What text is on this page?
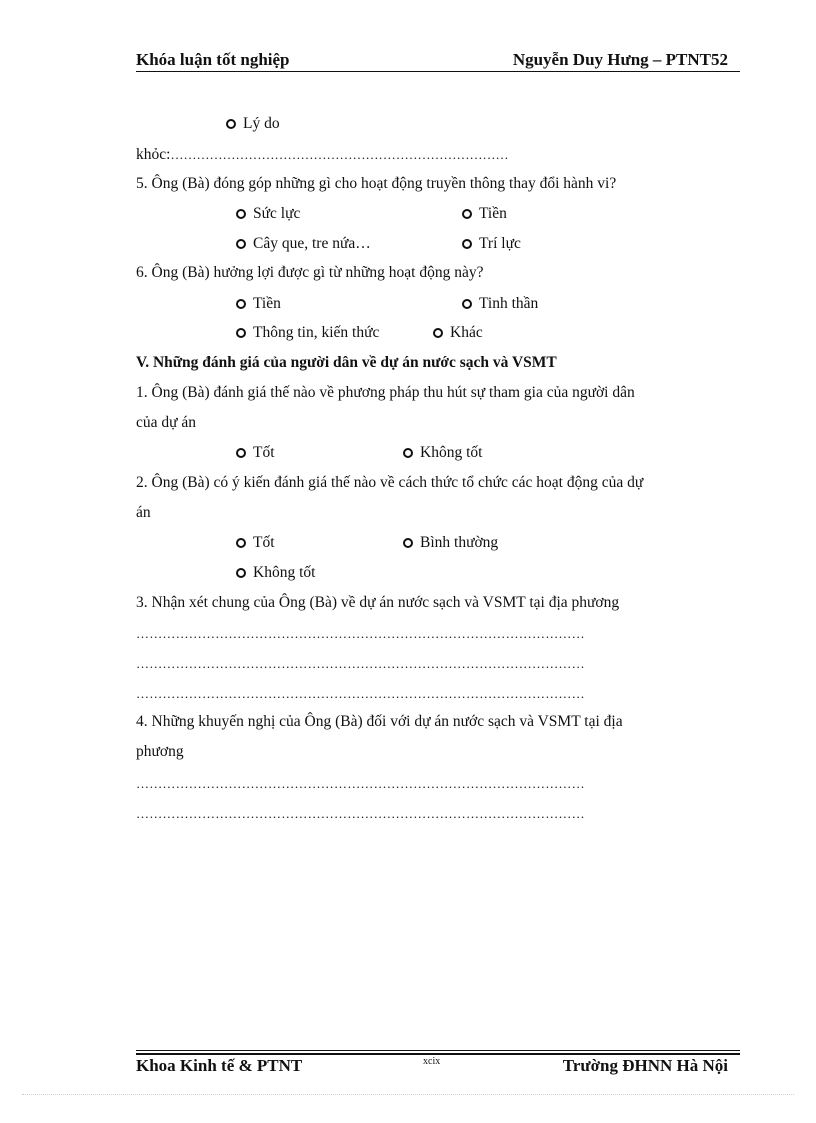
Khóa luận tốt nghiệp	Nguyễn Duy Hưng – PTNT52
Lý do
khỏc:……………………………………………………………………
5. Ông (Bà) đóng góp những gì cho hoạt động truyền thông thay đổi hành vi?
Sức lực	Tiền
Cây que, tre nứa…	Trí lực
6. Ông (Bà) hưởng lợi được gì từ những hoạt động này?
Tiền	Tinh thần
Thông tin, kiến thức	Khác
V. Những đánh giá của người dân về dự án nước sạch và VSMT
1. Ông (Bà) đánh giá thế nào về phương pháp thu hút sự tham gia của người dân
của dự án
Tốt	Không tốt
2. Ông (Bà) có ý kiến đánh giá thế nào về cách thức tổ chức các hoạt động của dự
án
Tốt	Bình thường
Không tốt
3. Nhận xét chung của Ông (Bà) về dự án nước sạch và VSMT tại địa phương
…………………………………………………………………………………………
…………………………………………………………………………………………
…………………………………………………………………………………………
4. Những khuyến nghị của Ông (Bà) đối với dự án nước sạch và VSMT tại địa
phương
…………………………………………………………………………………………
…………………………………………………………………………………………
Khoa Kinh tế & PTNT	xcix	Trường ĐHNN Hà Nội
